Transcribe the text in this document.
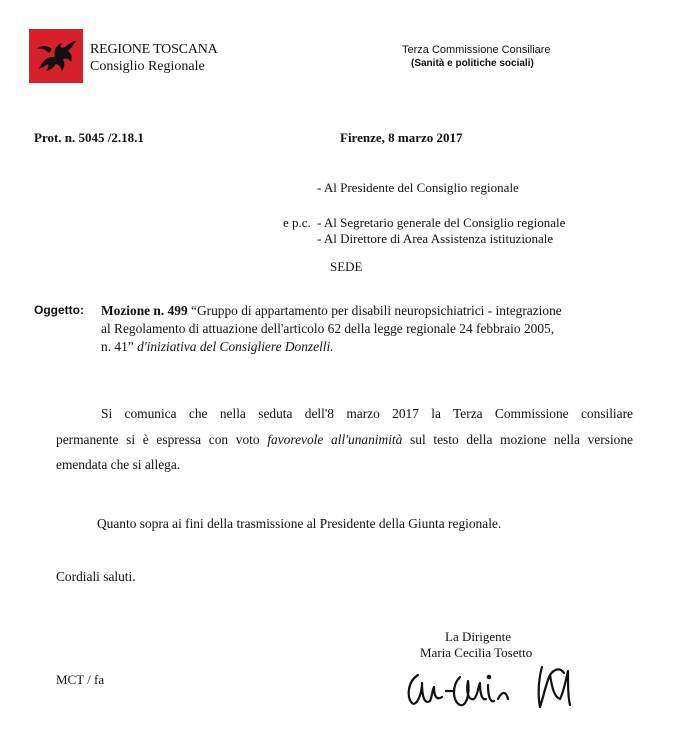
REGIONE TOSCANA
Consiglio Regionale
Terza Commissione Consiliare
(Sanità e politiche sociali)
Prot. n. 5045 /2.18.1	Firenze, 8 marzo 2017
- Al Presidente del Consiglio regionale
e p.c. - Al Segretario generale del Consiglio regionale
- Al Direttore di Area Assistenza istituzionale
SEDE
Oggetto: Mozione n. 499 “Gruppo di appartamento per disabili neuropsichiatrici - integrazione
al Regolamento di attuazione dell'articolo 62 della legge regionale 24 febbraio 2005,
n. 41” d'iniziativa del Consigliere Donzelli.
Si comunica che nella seduta dell'8 marzo 2017 la Terza Commissione consiliare
permanente si è espressa con voto favorevole all'unanimità sul testo della mozione nella versione
emendata che si allega.
Quanto sopra ai fini della trasmissione al Presidente della Giunta regionale.
Cordiali saluti.
La Dirigente
Maria Cecilia Tosetto
MCT / fa
